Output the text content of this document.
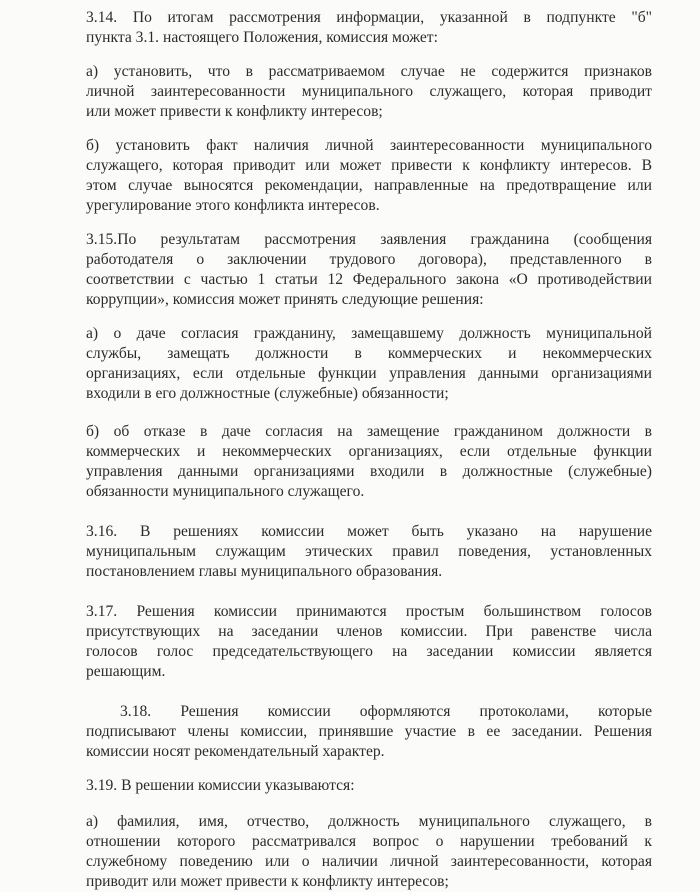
3.14. По итогам рассмотрения информации, указанной в подпункте "б"
пункта 3.1. настоящего Положения, комиссия может:

а) установить, что в рассматриваемом случае не содержится признаков
личной заинтересованности муниципального служащего, которая приводит
или может привести к конфликту интересов;

б) установить факт наличия личной заинтересованности муниципального
служащего, которая приводит или может привести к конфликту интересов. В
этом случае выносятся рекомендации, направленные на предотвращение или
урегулирование этого конфликта интересов.

3.15.По результатам рассмотрения заявления гражданина (сообщения
работодателя о заключении трудового договора), представленного в
соответствии с частью 1 статьи 12 Федерального закона «О противодействии
коррупции», комиссия может принять следующие решения:

а) о даче согласия гражданину, замещавшему должность муниципальной
службы, замещать должности в коммерческих и некоммерческих
организациях, если отдельные функции управления данными организациями
входили в его должностные (служебные) обязанности;

б) об отказе в даче согласия на замещение гражданином должности в
коммерческих и некоммерческих организациях, если отдельные функции
управления данными организациями входили в должностные (служебные)
обязанности муниципального служащего.

3.16. В решениях комиссии может быть указано на нарушение
муниципальным служащим этических правил поведения, установленных
постановлением главы муниципального образования.

3.17. Решения комиссии принимаются простым большинством голосов
присутствующих на заседании членов комиссии. При равенстве числа
голосов голос председательствующего на заседании комиссии является
решающим.

3.18. Решения комиссии оформляются протоколами, которые
подписывают члены комиссии, принявшие участие в ее заседании. Решения
комиссии носят рекомендательный характер.

3.19. В решении комиссии указываются:

а) фамилия, имя, отчество, должность муниципального служащего, в
отношении которого рассматривался вопрос о нарушении требований к
служебному поведению или о наличии личной заинтересованности, которая
приводит или может привести к конфликту интересов;
